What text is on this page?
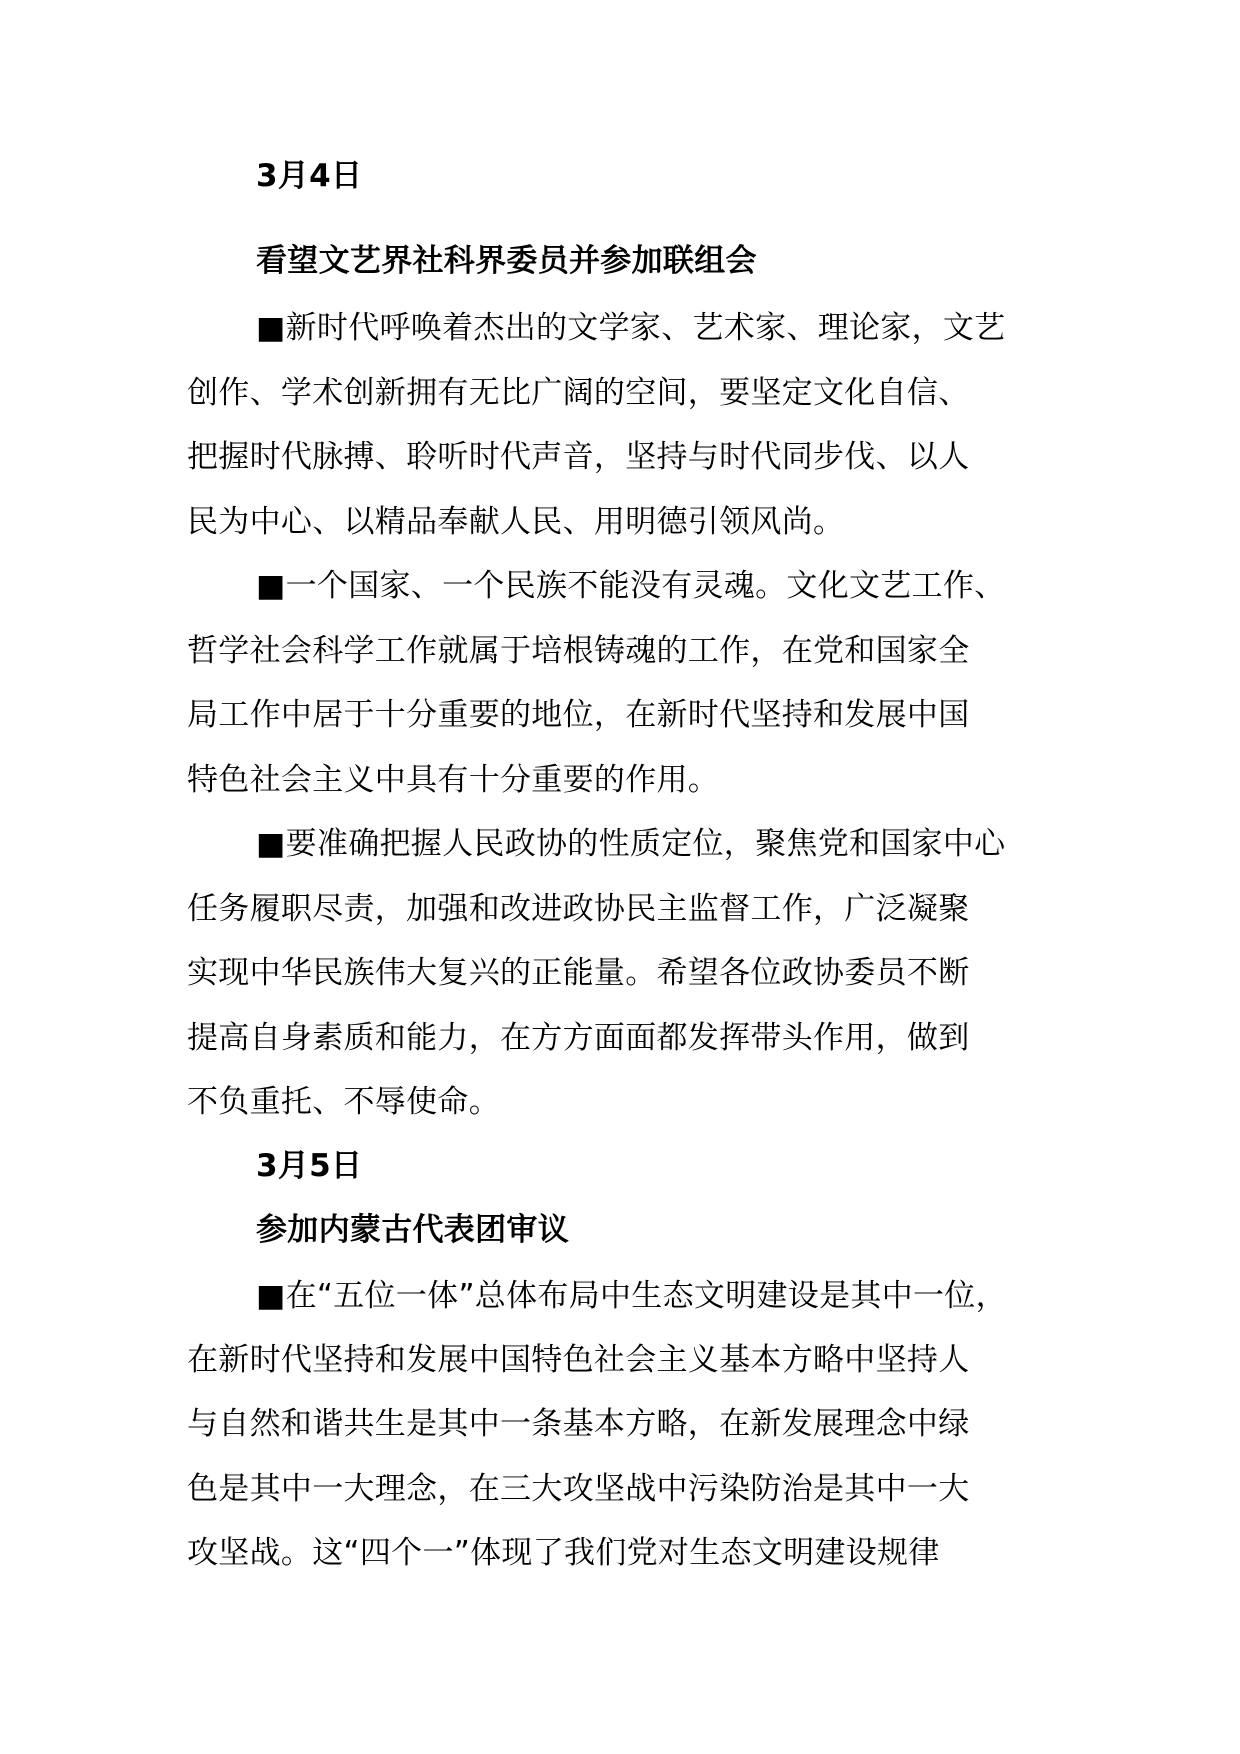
3月4日
看望文艺界社科界委员并参加联组会
■新时代呼唤着杰出的文学家、艺术家、理论家，文艺
创作、学术创新拥有无比广阔的空间，要坚定文化自信、
把握时代脉搏、聆听时代声音，坚持与时代同步伐、以人
民为中心、以精品奉献人民、用明德引领风尚。
■一个国家、一个民族不能没有灵魂。文化文艺工作、
哲学社会科学工作就属于培根铸魂的工作，在党和国家全
局工作中居于十分重要的地位，在新时代坚持和发展中国
特色社会主义中具有十分重要的作用。
■要准确把握人民政协的性质定位，聚焦党和国家中心
任务履职尽责，加强和改进政协民主监督工作，广泛凝聚
实现中华民族伟大复兴的正能量。希望各位政协委员不断
提高自身素质和能力，在方方面面都发挥带头作用，做到
不负重托、不辱使命。
3月5日
参加内蒙古代表团审议
■在“五位一体”总体布局中生态文明建设是其中一位，
在新时代坚持和发展中国特色社会主义基本方略中坚持人
与自然和谐共生是其中一条基本方略，在新发展理念中绿
色是其中一大理念，在三大攻坚战中污染防治是其中一大
攻坚战。这“四个一”体现了我们党对生态文明建设规律
